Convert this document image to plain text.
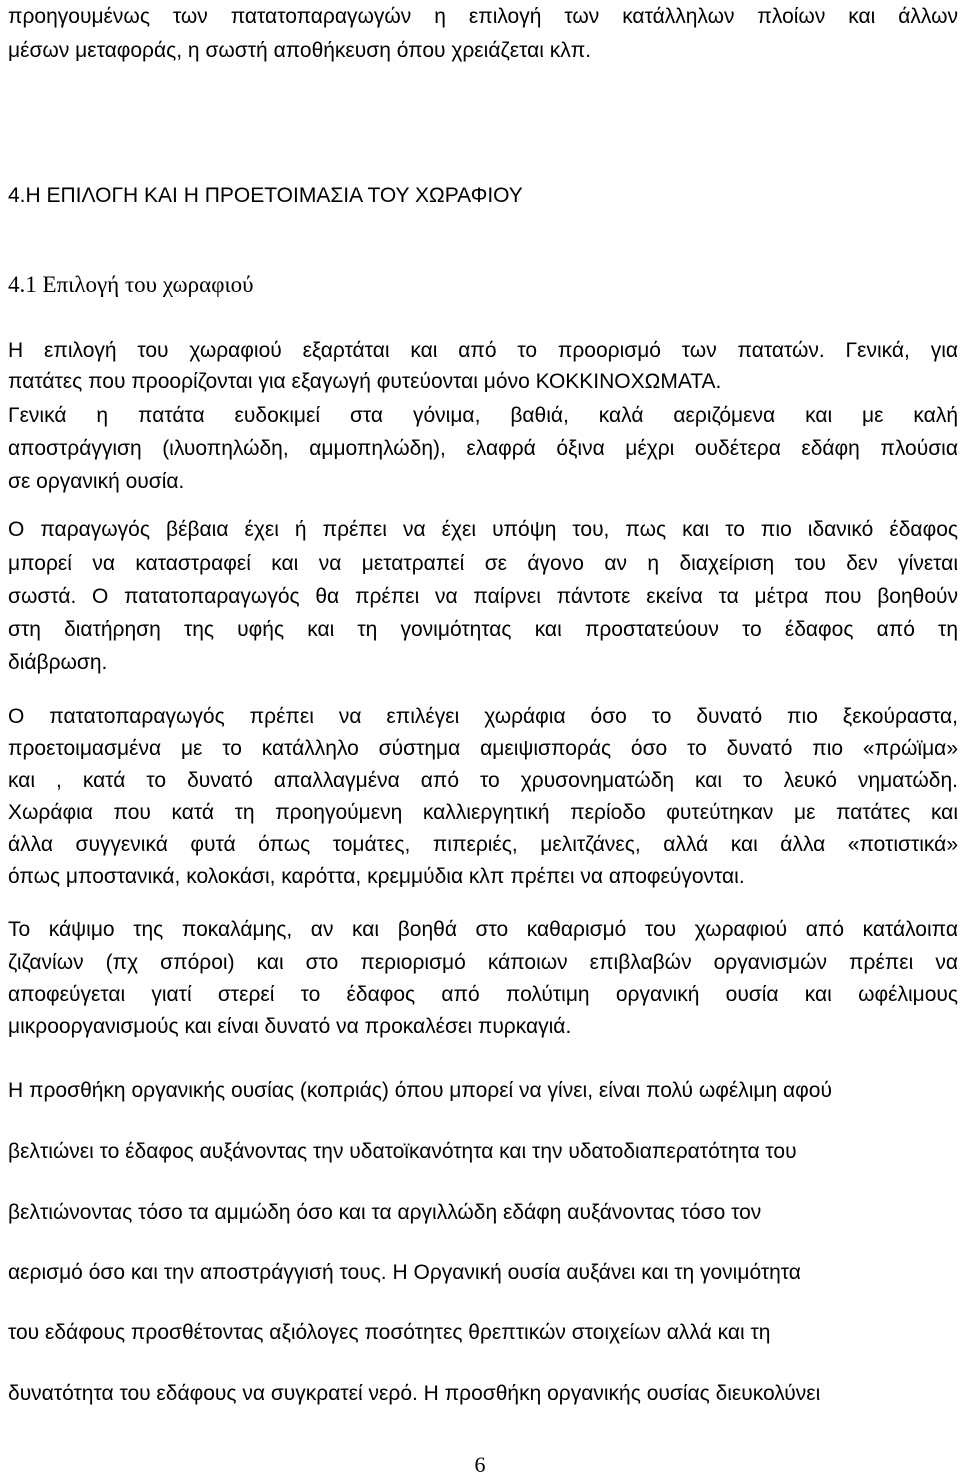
προηγουμένως των πατατοπαραγωγών η επιλογή των κατάλληλων πλοίων και άλλων
μέσων μεταφοράς, η σωστή αποθήκευση όπου χρειάζεται κλπ.
4.Η ΕΠΙΛΟΓΗ ΚΑΙ Η ΠΡΟΕΤΟΙΜΑΣΙΑ ΤΟΥ ΧΩΡΑΦΙΟΥ
4.1 Επιλογή του χωραφιού
Η επιλογή του χωραφιού εξαρτάται και από το προορισμό των πατατών. Γενικά, για
πατάτες που προορίζονται για εξαγωγή φυτεύονται μόνο ΚΟΚΚΙΝΟΧΩΜΑΤΑ.
Γενικά η πατάτα ευδοκιμεί στα γόνιμα, βαθιά, καλά αεριζόμενα και με καλή
αποστράγγιση (ιλυοπηλώδη, αμμοπηλώδη), ελαφρά όξινα μέχρι ουδέτερα εδάφη πλούσια
σε οργανική ουσία.
Ο παραγωγός βέβαια έχει ή πρέπει να έχει υπόψη του, πως και το πιο ιδανικό έδαφος
μπορεί να καταστραφεί και να μετατραπεί σε άγονο αν η διαχείριση του δεν γίνεται
σωστά. Ο πατατοπαραγωγός θα πρέπει να παίρνει πάντοτε εκείνα τα μέτρα που βοηθούν
στη διατήρηση της υφής και τη γονιμότητας και προστατεύουν το έδαφος από τη
διάβρωση.
Ο πατατοπαραγωγός πρέπει να επιλέγει χωράφια όσο το δυνατό πιο ξεκούραστα,
προετοιμασμένα με το κατάλληλο σύστημα αμειψισποράς όσο το δυνατό πιο «πρώϊμα»
και , κατά το δυνατό απαλλαγμένα από το χρυσονηματώδη και το λευκό νηματώδη.
Χωράφια που κατά τη προηγούμενη καλλιεργητική περίοδο φυτεύτηκαν με πατάτες και
άλλα συγγενικά φυτά όπως τομάτες, πιπεριές, μελιτζάνες, αλλά και άλλα «ποτιστικά»
όπως μποστανικά, κολοκάσι, καρόττα, κρεμμύδια κλπ πρέπει να αποφεύγονται.
Το κάψιμο της ποκαλάμης, αν και βοηθά στο καθαρισμό του χωραφιού από κατάλοιπα
ζιζανίων (πχ σπόροι) και στο περιορισμό κάποιων επιβλαβών οργανισμών πρέπει να
αποφεύγεται γιατί στερεί το έδαφος από πολύτιμη οργανική ουσία και ωφέλιμους
μικροοργανισμούς και είναι δυνατό να προκαλέσει πυρκαγιά.
Η προσθήκη οργανικής ουσίας (κοπριάς) όπου μπορεί να γίνει, είναι πολύ ωφέλιμη αφού
βελτιώνει το έδαφος αυξάνοντας την υδατοϊκανότητα και την υδατοδιαπερατότητα του
βελτιώνοντας τόσο τα αμμώδη όσο και τα αργιλλώδη εδάφη αυξάνοντας τόσο τον
αερισμό όσο και την αποστράγγισή τους. Η Οργανική ουσία αυξάνει και τη γονιμότητα
του εδάφους προσθέτοντας αξιόλογες ποσότητες θρεπτικών στοιχείων αλλά και τη
δυνατότητα του εδάφους να συγκρατεί νερό. Η προσθήκη οργανικής ουσίας διευκολύνει
6
